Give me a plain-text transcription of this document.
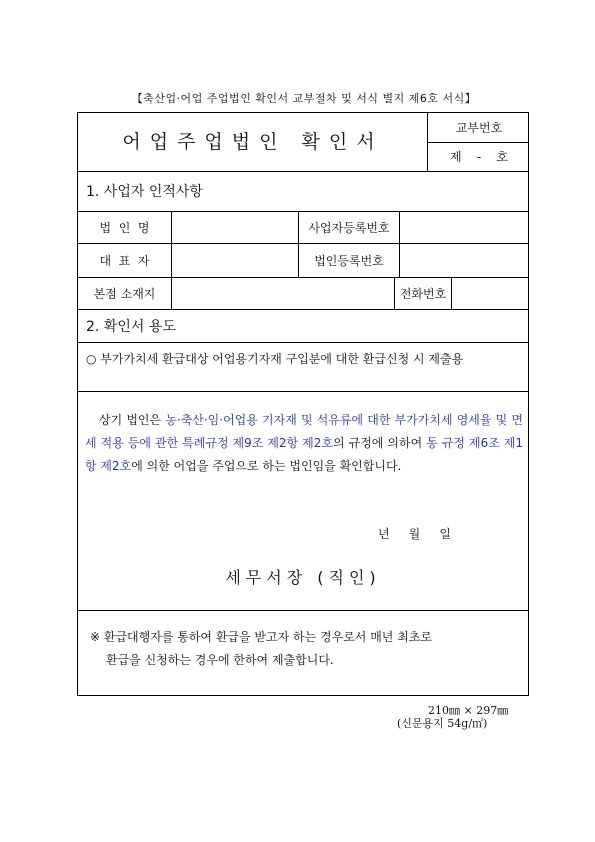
【축산업·어업 주업법인 확인서 교부절차 및 서식 별지 제6호 서식】
어업주업법인 확인서
교부번호
제    -    호
1. 사업자 인적사항
법  인  명	사업자등록번호
대  표  자	법인등록번호
본점 소재지	전화번호
2. 확인서 용도
○ 부가가치세 환급대상 어업용기자재 구입분에 대한 환급신청 시 제출용
상기 법인은 농·축산·임·어업용 기자재 및 석유류에 대한 부가가치세 영세율 및 면세 적용 등에 관한 특례규정 제9조 제2항 제2호의 규정에 의하여 동 규정 제6조 제1항 제2호에 의한 어업을 주업으로 하는 법인임을 확인합니다.
년     월     일
세무서장 (직인)
※ 환급대행자를 통하여 환급을 받고자 하는 경우로서 매년 최초로
환급을 신청하는 경우에 한하여 제출합니다.
210㎜ × 297㎜
(신문용지 54g/㎡)
